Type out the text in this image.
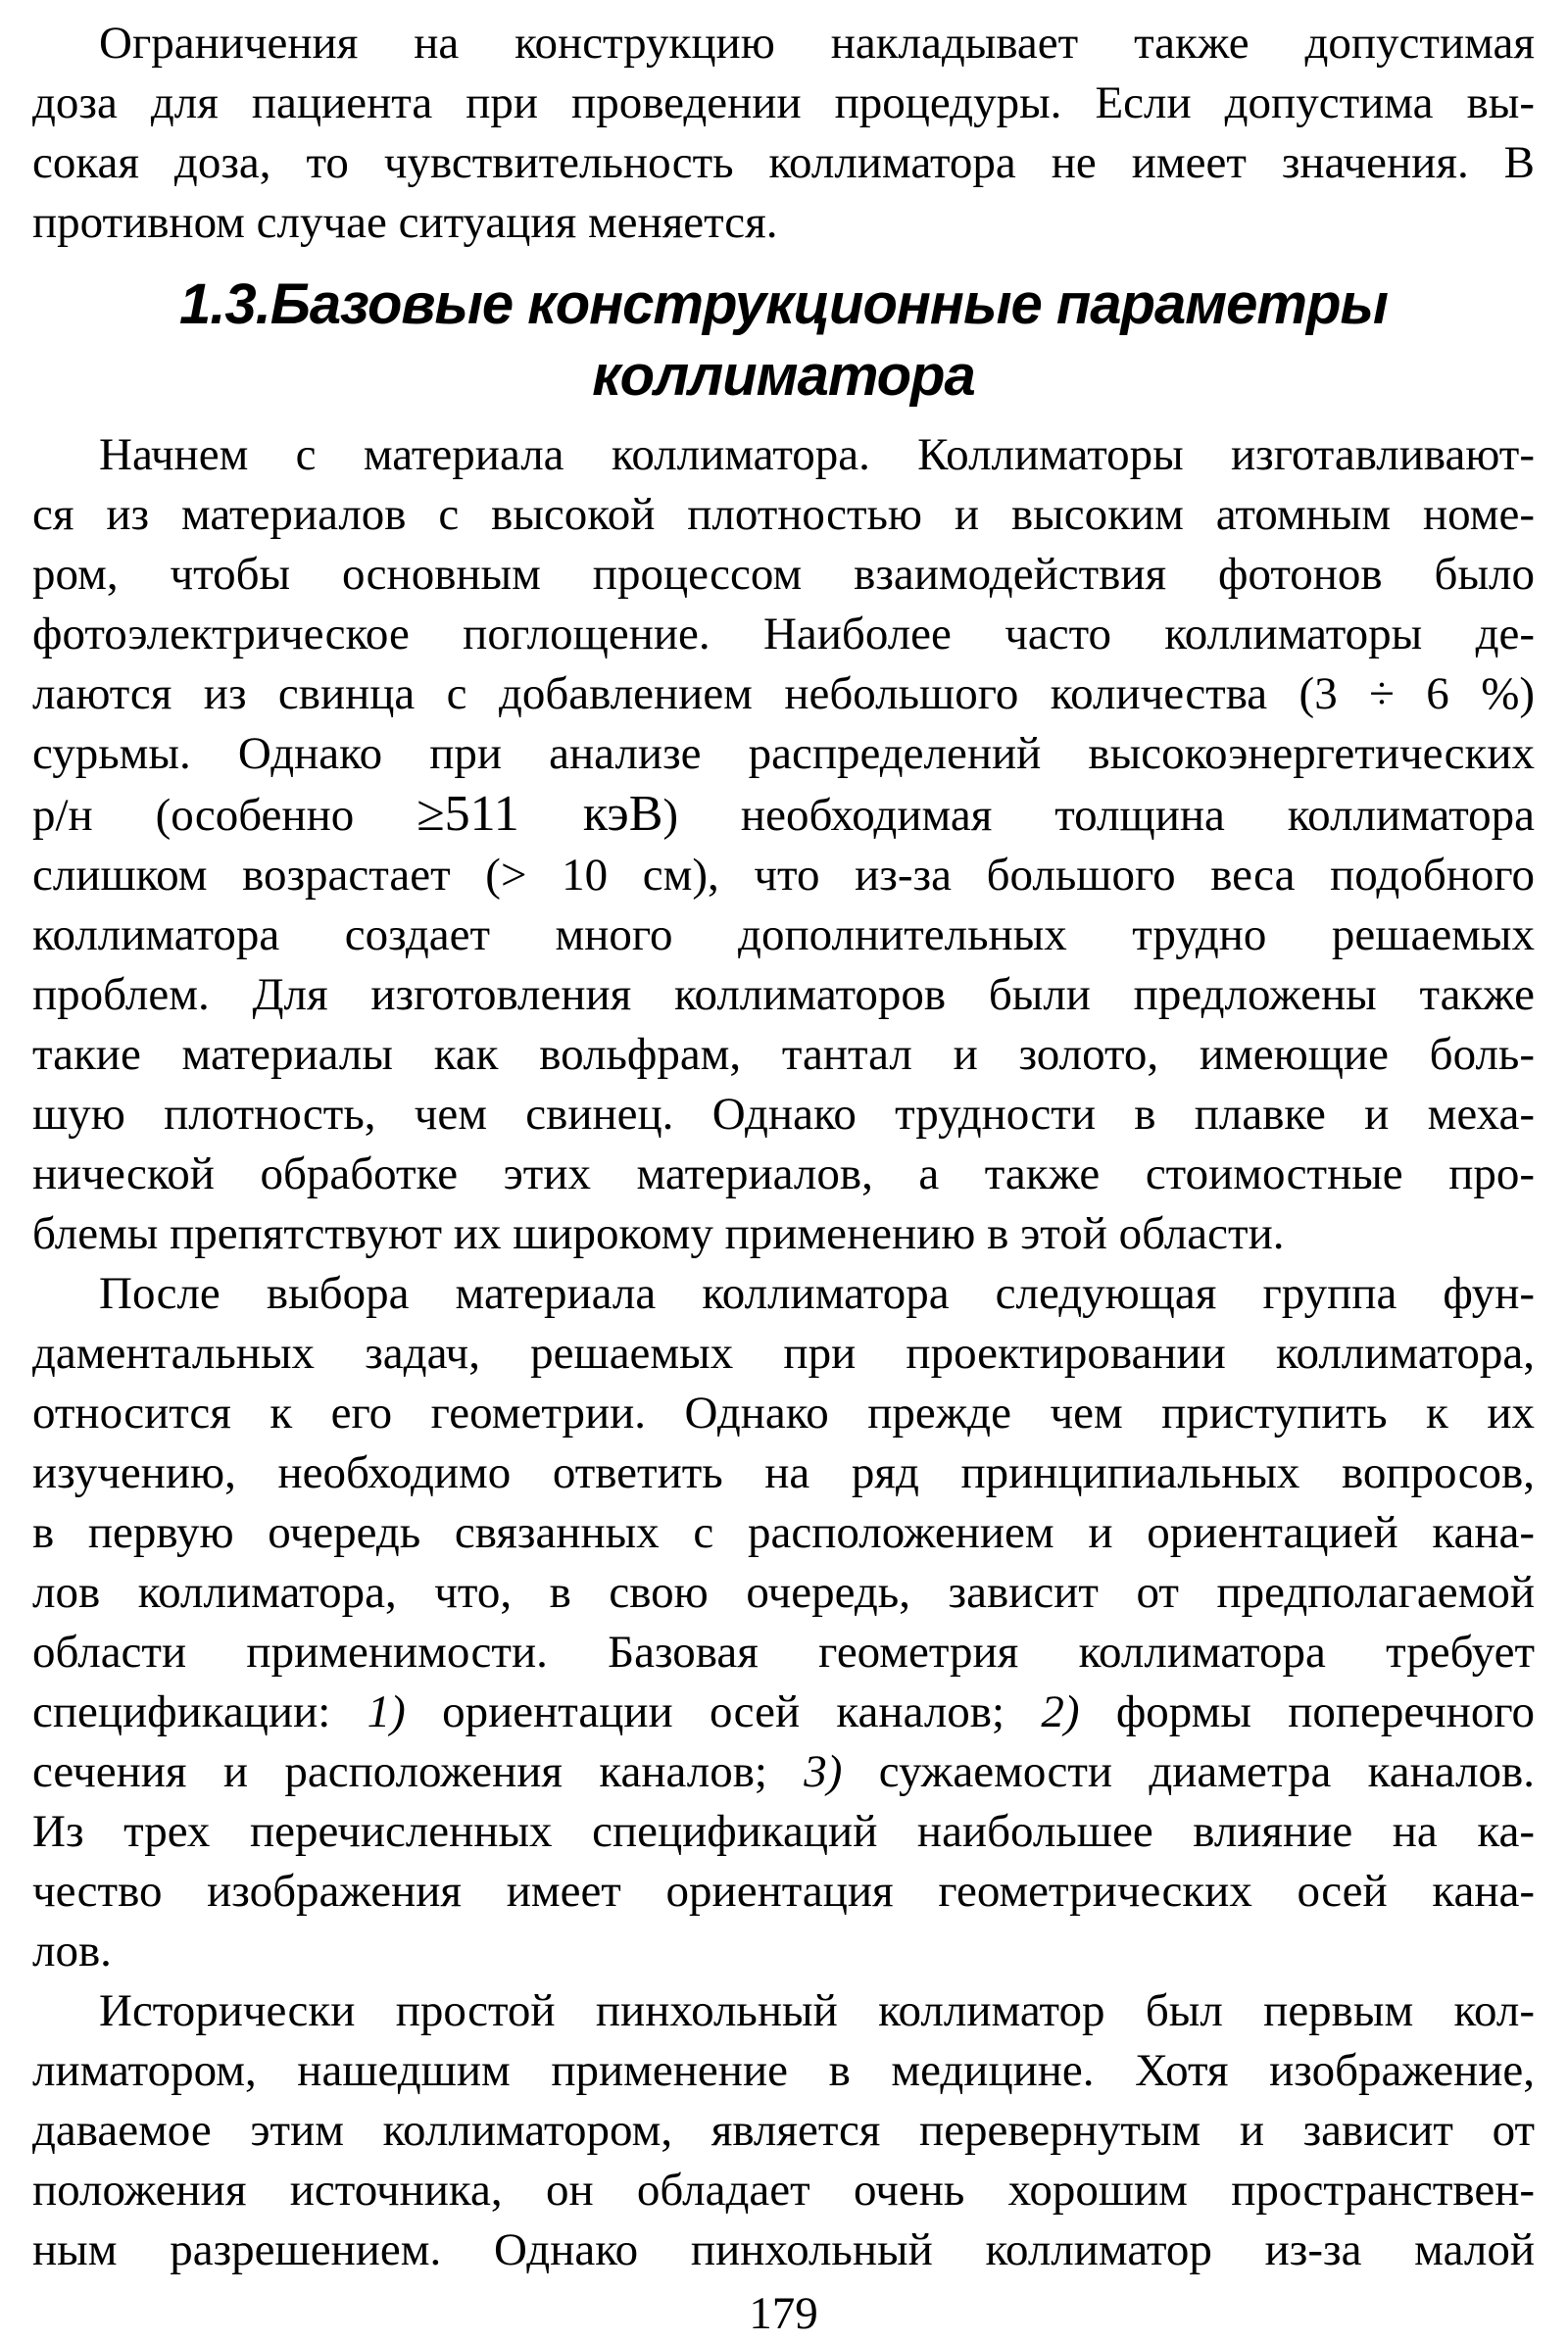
Ограничения на конструкцию накладывает также допустимая
доза для пациента при проведении процедуры. Если допустима вы-
сокая доза, то чувствительность коллиматора не имеет значения. В
противном случае ситуация меняется.
1.3.Базовые конструкционные параметры
коллиматора
Начнем с материала коллиматора. Коллиматоры изготавливают-
ся из материалов с высокой плотностью и высоким атомным номе-
ром, чтобы основным процессом взаимодействия фотонов было
фотоэлектрическое поглощение. Наиболее часто коллиматоры де-
лаются из свинца с добавлением небольшого количества (3 ÷ 6 %)
сурьмы. Однако при анализе распределений высокоэнергетических
р/н (особенно ≥511 кэВ) необходимая толщина коллиматора
слишком возрастает (> 10 см), что из-за большого веса подобного
коллиматора создает много дополнительных трудно решаемых
проблем. Для изготовления коллиматоров были предложены также
такие материалы как вольфрам, тантал и золото, имеющие боль-
шую плотность, чем свинец. Однако трудности в плавке и меха-
нической обработке этих материалов, а также стоимостные про-
блемы препятствуют их широкому применению в этой области.
После выбора материала коллиматора следующая группа фун-
даментальных задач, решаемых при проектировании коллиматора,
относится к его геометрии. Однако прежде чем приступить к их
изучению, необходимо ответить на ряд принципиальных вопросов,
в первую очередь связанных с расположением и ориентацией кана-
лов коллиматора, что, в свою очередь, зависит от предполагаемой
области применимости. Базовая геометрия коллиматора требует
спецификации: 1) ориентации осей каналов; 2) формы поперечного
сечения и расположения каналов; 3) сужаемости диаметра каналов.
Из трех перечисленных спецификаций наибольшее влияние на ка-
чество изображения имеет ориентация геометрических осей кана-
лов.
Исторически простой пинхольный коллиматор был первым кол-
лиматором, нашедшим применение в медицине. Хотя изображение,
даваемое этим коллиматором, является перевернутым и зависит от
положения источника, он обладает очень хорошим пространствен-
ным разрешением. Однако пинхольный коллиматор из-за малой
179
